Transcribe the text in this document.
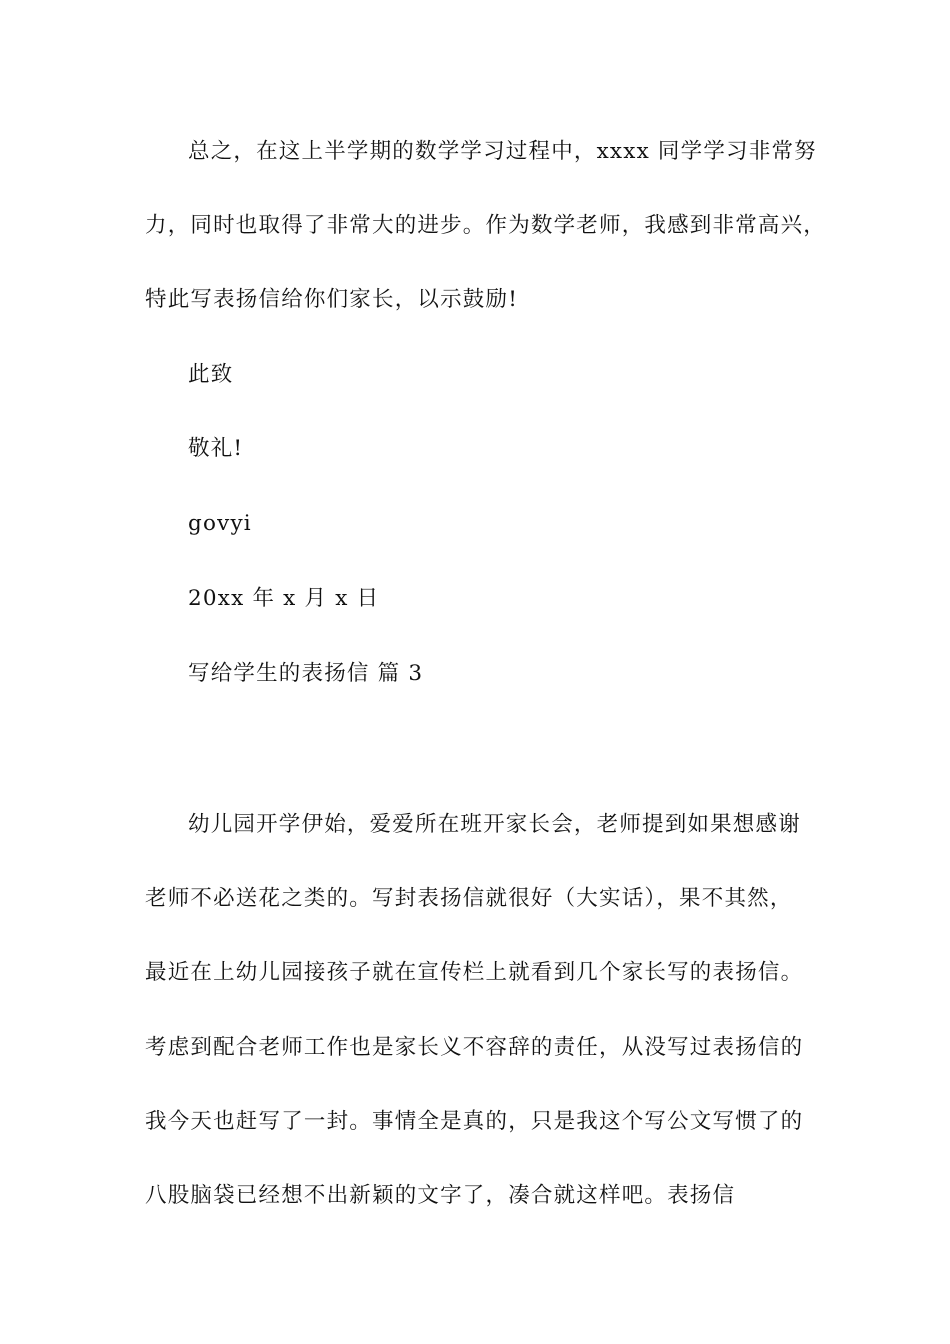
总之，在这上半学期的数学学习过程中，xxxx 同学学习非常努
力，同时也取得了非常大的进步。作为数学老师，我感到非常高兴，
特此写表扬信给你们家长，以示鼓励!
此致
敬礼!
govyi
20xx 年 x 月 x 日
写给学生的表扬信 篇 3
幼儿园开学伊始，爱爱所在班开家长会，老师提到如果想感谢
老师不必送花之类的。写封表扬信就很好（大实话），果不其然，
最近在上幼儿园接孩子就在宣传栏上就看到几个家长写的表扬信。
考虑到配合老师工作也是家长义不容辞的责任，从没写过表扬信的
我今天也赶写了一封。事情全是真的，只是我这个写公文写惯了的
八股脑袋已经想不出新颖的文字了，凑合就这样吧。表扬信
